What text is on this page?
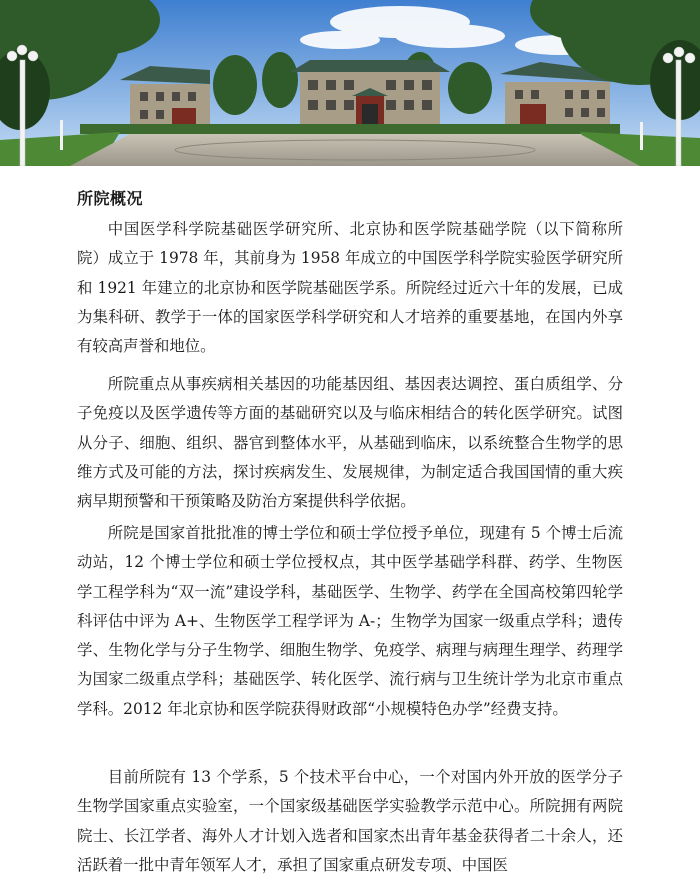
所院概况

中国医学科学院基础医学研究所、北京协和医学院基础学院（以下简称所院）成立于 1978 年，其前身为 1958 年成立的中国医学科学院实验医学研究所和 1921 年建立的北京协和医学院基础医学系。所院经过近六十年的发展，已成为集科研、教学于一体的国家医学科学研究和人才培养的重要基地，在国内外享有较高声誉和地位。

所院重点从事疾病相关基因的功能基因组、基因表达调控、蛋白质组学、分子免疫以及医学遗传等方面的基础研究以及与临床相结合的转化医学研究。试图从分子、细胞、组织、器官到整体水平，从基础到临床，以系统整合生物学的思维方式及可能的方法，探讨疾病发生、发展规律，为制定适合我国国情的重大疾病早期预警和干预策略及防治方案提供科学依据。

所院是国家首批批准的博士学位和硕士学位授予单位，现建有 5 个博士后流动站，12 个博士学位和硕士学位授权点，其中医学基础学科群、药学、生物医学工程学科为“双一流”建设学科，基础医学、生物学、药学在全国高校第四轮学科评估中评为 A+、生物医学工程学评为 A-；生物学为国家一级重点学科；遗传学、生物化学与分子生物学、细胞生物学、免疫学、病理与病理生理学、药理学为国家二级重点学科；基础医学、转化医学、流行病与卫生统计学为北京市重点学科。2012 年北京协和医学院获得财政部“小规模特色办学”经费支持。

目前所院有 13 个学系，5 个技术平台中心，一个对国内外开放的医学分子生物学国家重点实验室，一个国家级基础医学实验教学示范中心。所院拥有两院院士、长江学者、海外人才计划入选者和国家杰出青年基金获得者二十余人，还活跃着一批中青年领军人才，承担了国家重点研发专项、中国医
